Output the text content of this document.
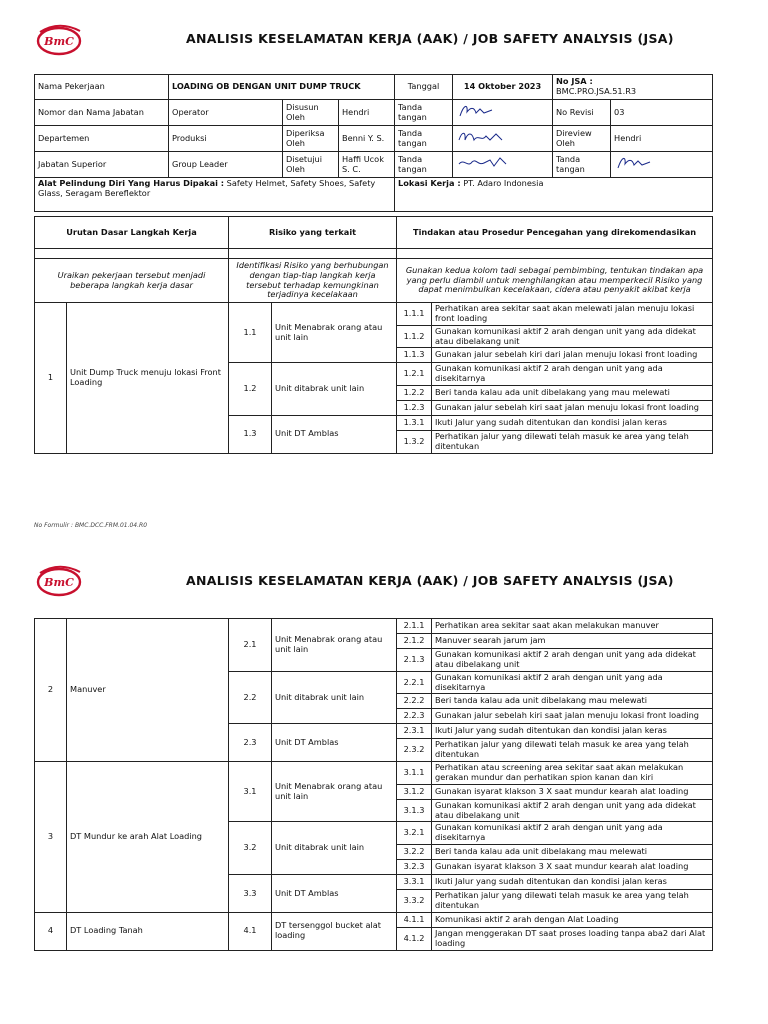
BmC	ANALISIS KESELAMATAN KERJA (AAK) / JOB SAFETY ANALYSIS (JSA)
Nama Pekerjaan	LOADING OB DENGAN UNIT DUMP TRUCK			Tanggal	14 Oktober 2023	No JSA :
BMC.PRO.JSA.51.R3	

Nomor dan Nama Jabatan	Operator	Disusun Oleh	Hendri	Tanda tangan		No Revisi	03
Departemen	Produksi	Diperiksa Oleh	Benni Y. S.	Tanda tangan		Direview Oleh	Hendri
Jabatan Superior	Group Leader	Disetujui Oleh	Haffi Ucok S. C.	Tanda tangan		Tanda tangan	
Alat Pelindung Diri Yang Harus Dipakai : Safety Helmet, Safety Shoes, Safety Glass, Seragam Bereflektor				Lokasi Kerja : PT. Adaro Indonesia			
Urutan Dasar Langkah Kerja		Risiko yang terkait		Tindakan atau Prosedur Pencegahan yang direkomendasikan	

Uraikan pekerjaan tersebut menjadi beberapa langkah kerja dasar		Identifikasi Risiko yang berhubungan dengan tiap-tiap langkah kerja tersebut terhadap kemungkinan terjadinya kecelakaan		Gunakan kedua kolom tadi sebagai pembimbing, tentukan tindakan apa yang perlu diambil untuk menghilangkan atau memperkecil Risiko yang dapat menimbulkan kecelakaan, cidera atau penyakit akibat kerja	
1	Unit Dump Truck menuju lokasi Front Loading	1.1	Unit Menabrak orang atau unit lain	1.1.1	Perhatikan area sekitar saat akan melewati jalan menuju lokasi front loading
				1.1.2	Gunakan komunikasi aktif 2 arah dengan unit yang ada didekat atau dibelakang unit
				1.1.3	Gunakan jalur sebelah kiri dari jalan menuju lokasi front loading
		1.2	Unit ditabrak unit lain	1.2.1	Gunakan komunikasi aktif 2 arah dengan unit yang ada disekitarnya
				1.2.2	Beri tanda kalau ada unit dibelakang yang mau melewati
				1.2.3	Gunakan jalur sebelah kiri saat jalan menuju lokasi front loading
		1.3	Unit DT Amblas	1.3.1	Ikuti Jalur yang sudah ditentukan dan kondisi jalan keras
				1.3.2	Perhatikan jalur yang dilewati telah masuk ke area yang telah ditentukan
No Formulir : BMC.DCC.FRM.01.04.R0
BmC	ANALISIS KESELAMATAN KERJA (AAK) / JOB SAFETY ANALYSIS (JSA)
2	Manuver	2.1	Unit Menabrak orang atau unit lain	2.1.1	Perhatikan area sekitar saat akan melakukan manuver
				2.1.2	Manuver searah jarum jam
				2.1.3	Gunakan komunikasi aktif 2 arah dengan unit yang ada didekat atau dibelakang unit
		2.2	Unit ditabrak unit lain	2.2.1	Gunakan komunikasi aktif 2 arah dengan unit yang ada disekitarnya
				2.2.2	Beri tanda kalau ada unit dibelakang mau melewati
				2.2.3	Gunakan jalur sebelah kiri saat jalan menuju lokasi front loading
		2.3	Unit DT Amblas	2.3.1	Ikuti Jalur yang sudah ditentukan dan kondisi jalan keras
				2.3.2	Perhatikan jalur yang dilewati telah masuk ke area yang telah ditentukan
3	DT Mundur ke arah Alat Loading	3.1	Unit Menabrak orang atau unit lain	3.1.1	Perhatikan atau screening area sekitar saat akan melakukan gerakan mundur dan perhatikan spion kanan dan kiri
				3.1.2	Gunakan isyarat klakson 3 X saat mundur kearah alat loading
				3.1.3	Gunakan komunikasi aktif 2 arah dengan unit yang ada didekat atau dibelakang unit
		3.2	Unit ditabrak unit lain	3.2.1	Gunakan komunikasi aktif 2 arah dengan unit yang ada disekitarnya
				3.2.2	Beri tanda kalau ada unit dibelakang mau melewati
				3.2.3	Gunakan isyarat klakson 3 X saat mundur kearah alat loading
		3.3	Unit DT Amblas	3.3.1	Ikuti Jalur yang sudah ditentukan dan kondisi jalan keras
				3.3.2	Perhatikan jalur yang dilewati telah masuk ke area yang telah ditentukan
4	DT Loading Tanah	4.1	DT tersenggol bucket alat loading	4.1.1	Komunikasi aktif 2 arah dengan Alat Loading
				4.1.2	Jangan menggerakan DT saat proses loading tanpa aba2 dari Alat loading
